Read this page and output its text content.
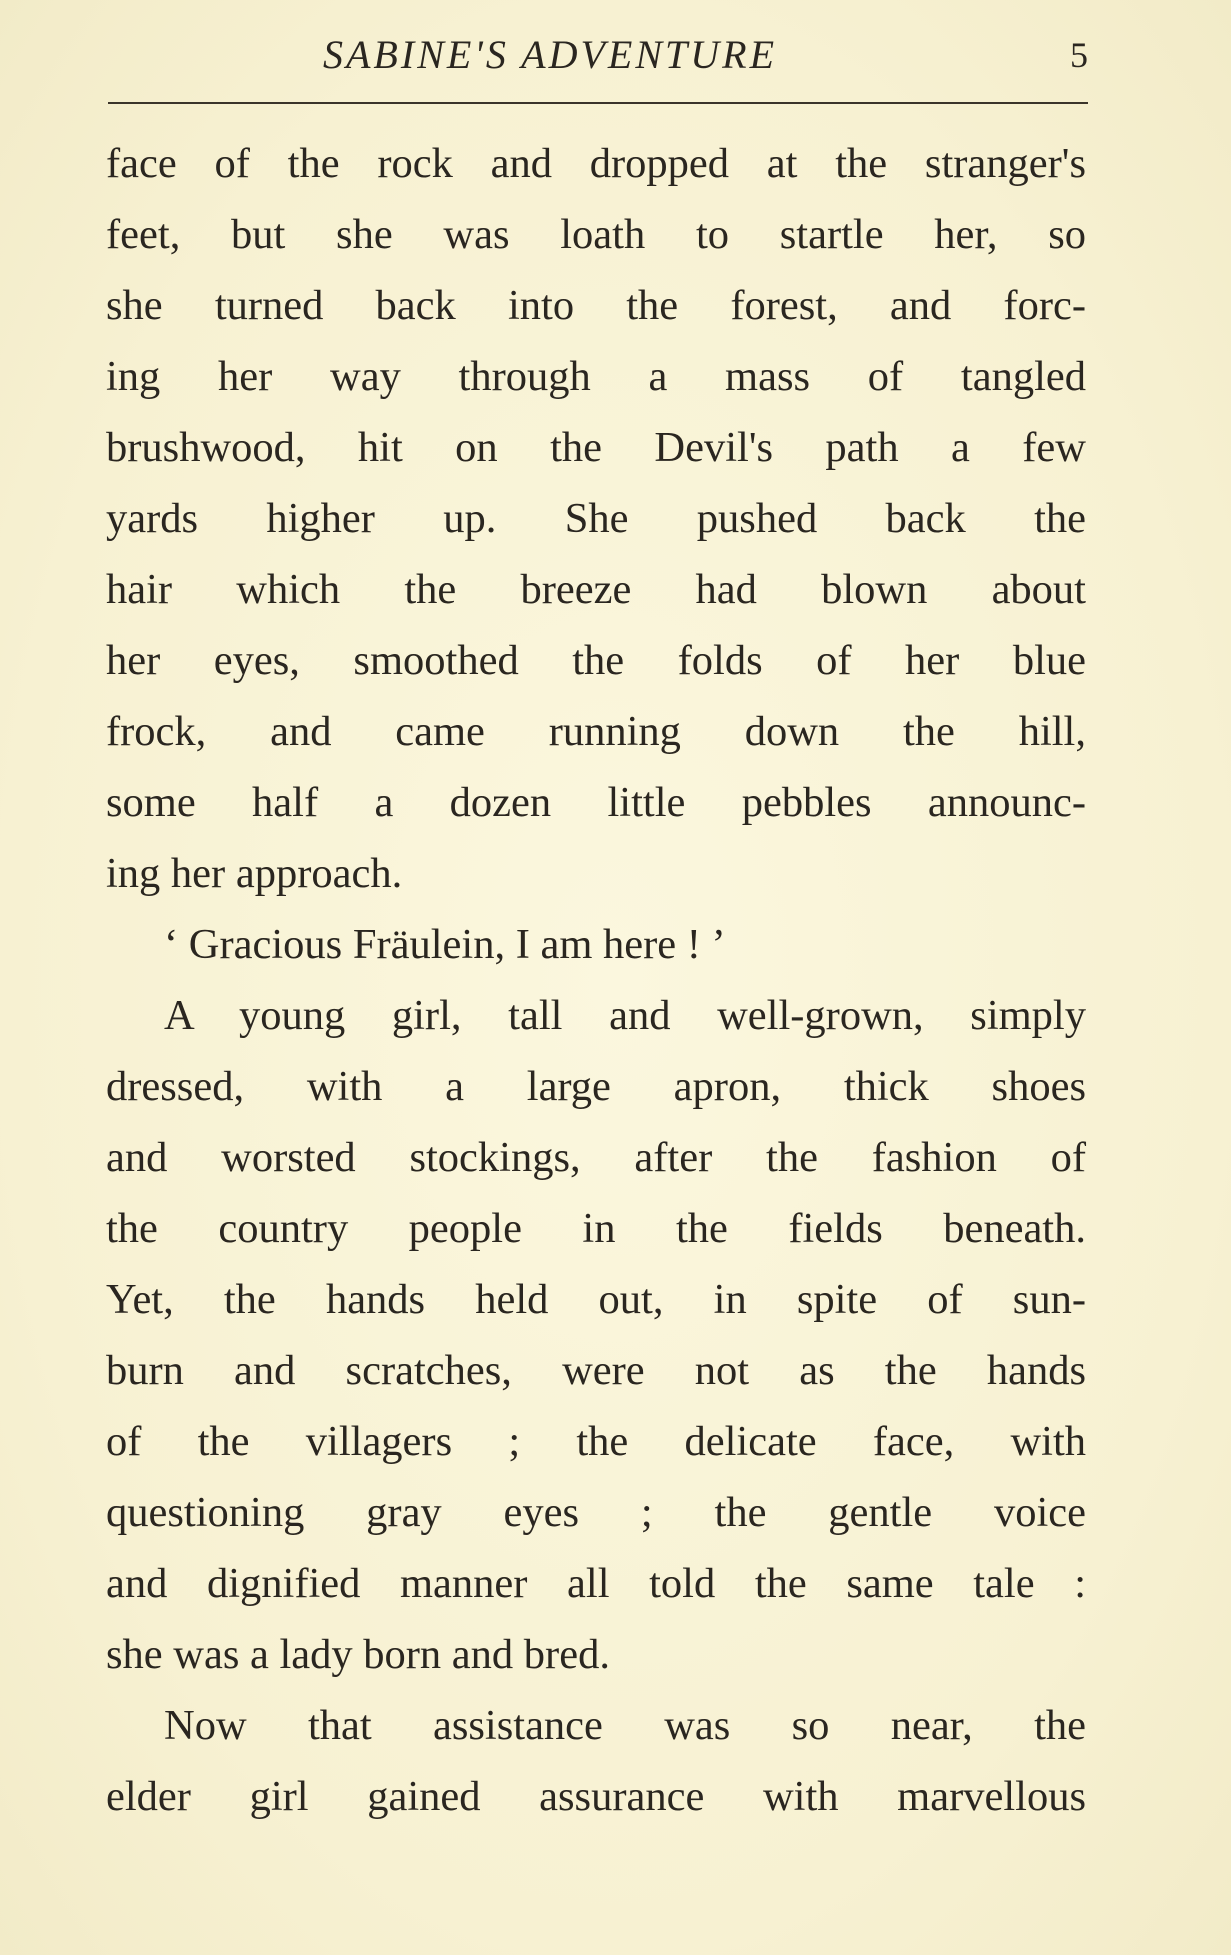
SABINE'S ADVENTURE	5
face of the rock and dropped at the stranger's
feet, but she was loath to startle her, so
she turned back into the forest, and forc-
ing her way through a mass of tangled
brushwood, hit on the Devil's path a few
yards higher up. She pushed back the
hair which the breeze had blown about
her eyes, smoothed the folds of her blue
frock, and came running down the hill,
some half a dozen little pebbles announc-
ing her approach.
‘ Gracious Fräulein, I am here ! ’
A young girl, tall and well-grown, simply
dressed, with a large apron, thick shoes
and worsted stockings, after the fashion of
the country people in the fields beneath.
Yet, the hands held out, in spite of sun-
burn and scratches, were not as the hands
of the villagers ; the delicate face, with
questioning gray eyes ; the gentle voice
and dignified manner all told the same tale :
she was a lady born and bred.
Now that assistance was so near, the
elder girl gained assurance with marvellous
